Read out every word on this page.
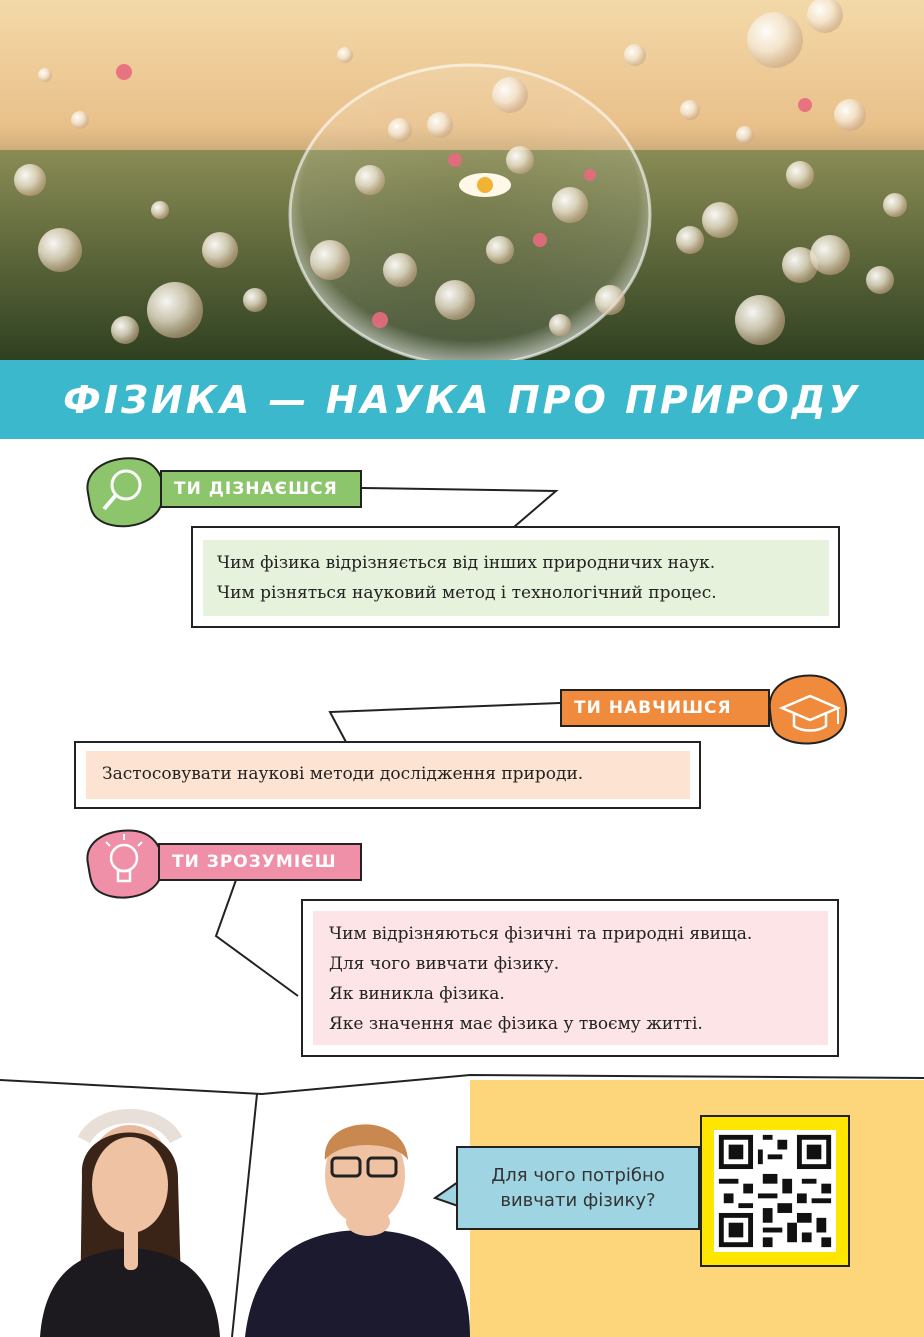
ФІЗИКА — НАУКА ПРО ПРИРОДУ
ТИ ДІЗНАЄШСЯ
Чим фізика відрізняється від інших природничих наук.
Чим різняться науковий метод і технологічний процес.
ТИ НАВЧИШСЯ
Застосовувати наукові методи дослідження природи.
ТИ ЗРОЗУМІЄШ
Чим відрізняються фізичні та природні явища.
Для чого вивчати фізику.
Як виникла фізика.
Яке значення має фізика у твоєму житті.
Для чого потрібно
вивчати фізику?
